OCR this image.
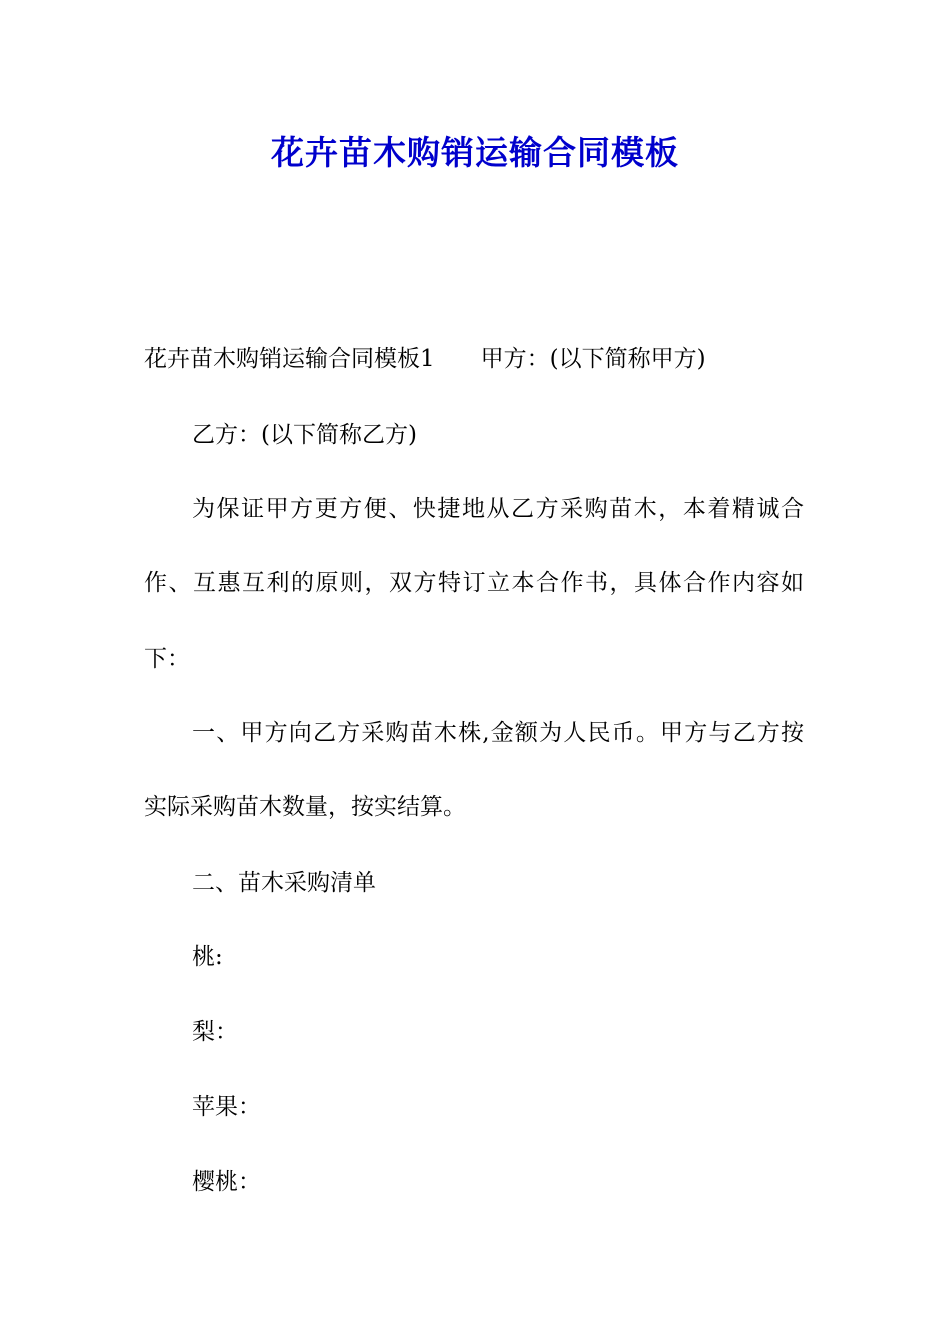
花卉苗木购销运输合同模板
花卉苗木购销运输合同模板1　　甲方：(以下简称甲方)
乙方：(以下简称乙方)
为保证甲方更方便、快捷地从乙方采购苗木，本着精诚合
作、互惠互利的原则，双方特订立本合作书，具体合作内容如
下：
一、甲方向乙方采购苗木株,金额为人民币。甲方与乙方按
实际采购苗木数量，按实结算。
二、苗木采购清单
桃:
梨：
苹果：
樱桃：
